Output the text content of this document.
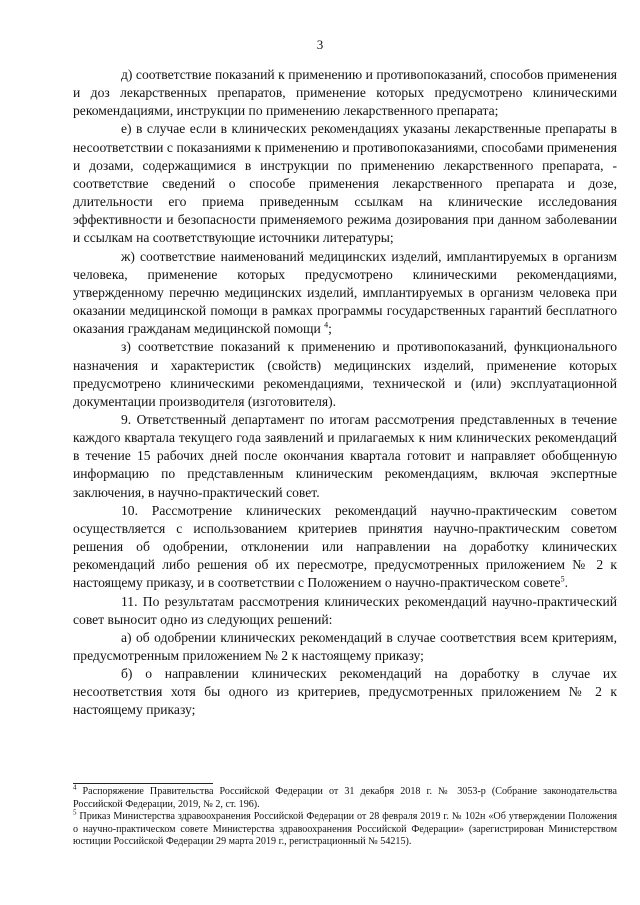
3

д) соответствие показаний к применению и противопоказаний, способов применения и доз лекарственных препаратов, применение которых предусмотрено клиническими рекомендациями, инструкции по применению лекарственного препарата;

е) в случае если в клинических рекомендациях указаны лекарственные препараты в несоответствии с показаниями к применению и противопоказаниями, способами применения и дозами, содержащимися в инструкции по применению лекарственного препарата, - соответствие сведений о способе применения лекарственного препарата и дозе, длительности его приема приведенным ссылкам на клинические исследования эффективности и безопасности применяемого режима дозирования при данном заболевании и ссылкам на соответствующие источники литературы;

ж) соответствие наименований медицинских изделий, имплантируемых в организм человека, применение которых предусмотрено клиническими рекомендациями, утвержденному перечню медицинских изделий, имплантируемых в организм человека при оказании медицинской помощи в рамках программы государственных гарантий бесплатного оказания гражданам медицинской помощи $^4$;

з) соответствие показаний к применению и противопоказаний, функционального назначения и характеристик (свойств) медицинских изделий, применение которых предусмотрено клиническими рекомендациями, технической и (или) эксплуатационной документации производителя (изготовителя).

9. Ответственный департамент по итогам рассмотрения представленных в течение каждого квартала текущего года заявлений и прилагаемых к ним клинических рекомендаций в течение 15 рабочих дней после окончания квартала готовит и направляет обобщенную информацию по представленным клиническим рекомендациям, включая экспертные заключения, в научно-практический совет.

10. Рассмотрение клинических рекомендаций научно-практическим советом осуществляется с использованием критериев принятия научно-практическим советом решения об одобрении, отклонении или направлении на доработку клинических рекомендаций либо решения об их пересмотре, предусмотренных приложением № 2 к настоящему приказу, и в соответствии с Положением о научно-практическом совете$^5$.

11. По результатам рассмотрения клинических рекомендаций научно-практический совет выносит одно из следующих решений:

а) об одобрении клинических рекомендаций в случае соответствия всем критериям, предусмотренным приложением № 2 к настоящему приказу;

б) о направлении клинических рекомендаций на доработку в случае их несоответствия хотя бы одного из критериев, предусмотренных приложением № 2 к настоящему приказу;

$^4$ Распоряжение Правительства Российской Федерации от 31 декабря 2018 г. № 3053-р (Собрание законодательства Российской Федерации, 2019, № 2, ст. 196).

$^5$ Приказ Министерства здравоохранения Российской Федерации от 28 февраля 2019 г. № 102н «Об утверждении Положения о научно-практическом совете Министерства здравоохранения Российской Федерации» (зарегистрирован Министерством юстиции Российской Федерации 29 марта 2019 г., регистрационный № 54215).
